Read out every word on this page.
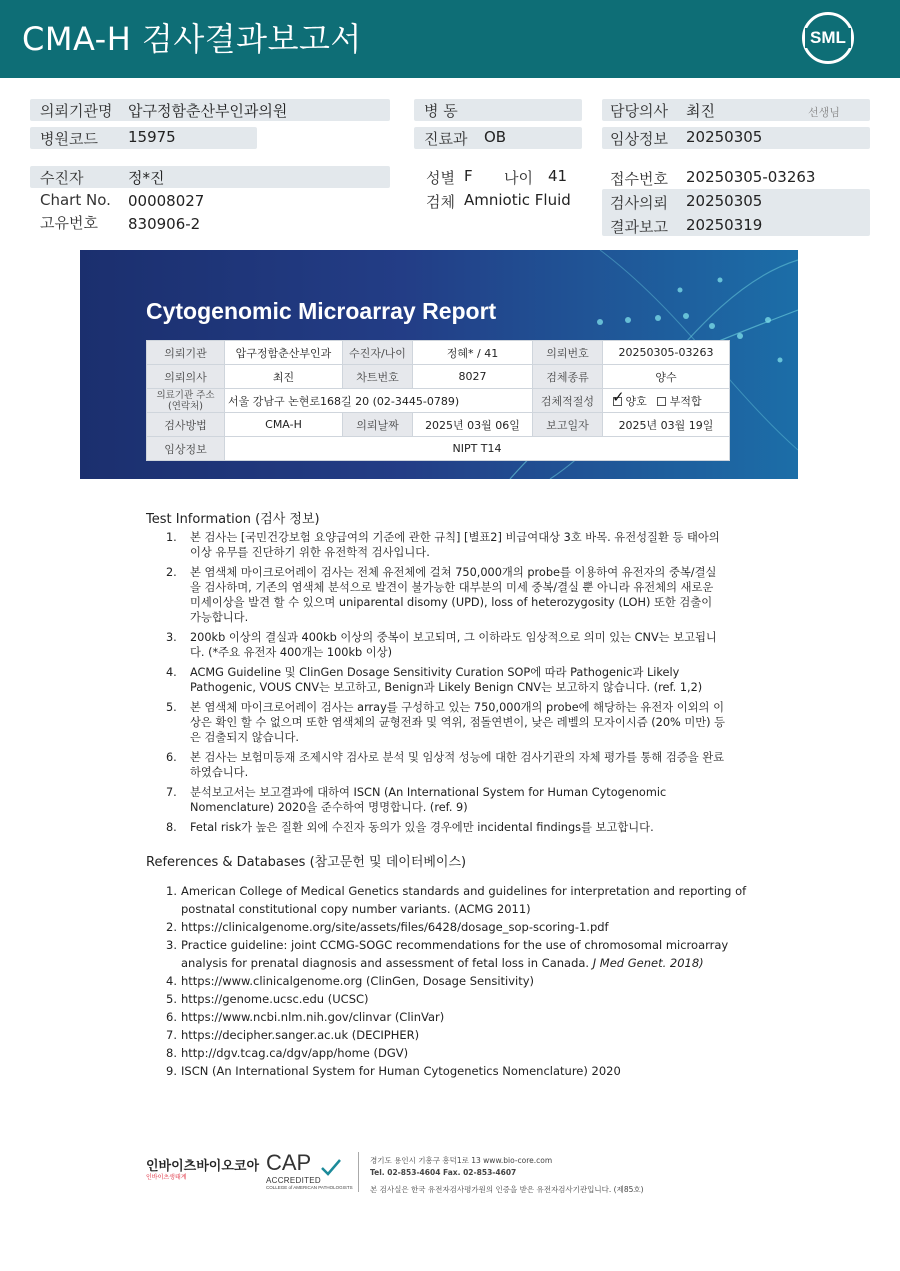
CMA-H 검사결과보고서	SML
의뢰기관명 압구정함춘산부인과의원
병원코드 15975
병 동
진료과 OB
담당의사 최진	선생님
임상정보 20250305
수진자	정*진
Chart No. 00008027
고유번호 830906-2
성별 F 나이 41
검체 Amniotic Fluid
접수번호 20250305-03263
검사의뢰 20250305
결과보고 20250319
Cytogenomic Microarray Report
의뢰기관	압구정함춘산부인과	수진자/나이	정혜* / 41	의뢰번호	20250305-03263
의뢰의사	최진	차트번호	8027	검체종류	양수
의료기관 주소 (연락처)	서울 강남구 논현로168길 20 (02-3445-0789)			검체적절성	✓ 양호 부적합
검사방법	CMA-H	의뢰날짜	2025년 03월 06일	보고일자	2025년 03월 19일
임상정보	NIPT T14				
Test Information (검사 정보)
1. 본 검사는 [국민건강보험 요양급여의 기준에 관한 규칙] [별표2] 비급여대상 3호 바목. 유전성질환 등 태아의 이상 유무를 진단하기 위한 유전학적 검사입니다.
2. 본 염색체 마이크로어레이 검사는 전체 유전체에 걸쳐 750,000개의 probe를 이용하여 유전자의 중복/결실을 검사하며, 기존의 염색체 분석으로 발견이 불가능한 대부분의 미세 중복/결실 뿐 아니라 유전체의 새로운 미세이상을 발견 할 수 있으며 uniparental disomy (UPD), loss of heterozygosity (LOH) 또한 검출이 가능합니다.
3. 200kb 이상의 결실과 400kb 이상의 중복이 보고되며, 그 이하라도 임상적으로 의미 있는 CNV는 보고됩니다. (*주요 유전자 400개는 100kb 이상)
4. ACMG Guideline 및 ClinGen Dosage Sensitivity Curation SOP에 따라 Pathogenic과 Likely Pathogenic, VOUS CNV는 보고하고, Benign과 Likely Benign CNV는 보고하지 않습니다. (ref. 1,2)
5. 본 염색체 마이크로어레이 검사는 array를 구성하고 있는 750,000개의 probe에 해당하는 유전자 이외의 이상은 확인 할 수 없으며 또한 염색체의 균형전좌 및 역위, 점돌연변이, 낮은 레벨의 모자이시즘 (20% 미만) 등은 검출되지 않습니다.
6. 본 검사는 보험미등재 조제시약 검사로 분석 및 임상적 성능에 대한 검사기관의 자체 평가를 통해 검증을 완료하였습니다.
7. 분석보고서는 보고결과에 대하여 ISCN (An International System for Human Cytogenomic Nomenclature) 2020을 준수하여 명명합니다. (ref. 9)
8. Fetal risk가 높은 질환 외에 수진자 동의가 있을 경우에만 incidental findings를 보고합니다.
References & Databases (참고문헌 및 데이터베이스)
1. American College of Medical Genetics standards and guidelines for interpretation and reporting of postnatal constitutional copy number variants. (ACMG 2011)
2. https://clinicalgenome.org/site/assets/files/6428/dosage_sop-scoring-1.pdf
3. Practice guideline: joint CCMG-SOGC recommendations for the use of chromosomal microarray analysis for prenatal diagnosis and assessment of fetal loss in Canada. J Med Genet. 2018)
4. https://www.clinicalgenome.org (ClinGen, Dosage Sensitivity)
5. https://genome.ucsc.edu (UCSC)
6. https://www.ncbi.nlm.nih.gov/clinvar (ClinVar)
7. https://decipher.sanger.ac.uk (DECIPHER)
8. http://dgv.tcag.ca/dgv/app/home (DGV)
9. ISCN (An International System for Human Cytogenetics Nomenclature) 2020
인바이츠바이오코아
인바이츠생태계
CAP
ACCREDITED
COLLEGE of AMERICAN PATHOLOGISTS
경기도 용인시 기흥구 흥덕1로 13 www.bio-core.com
Tel. 02-853-4604 Fax. 02-853-4607
본 검사실은 한국 유전자검사평가원의 인증을 받은 유전자검사기관입니다. (제85호)
